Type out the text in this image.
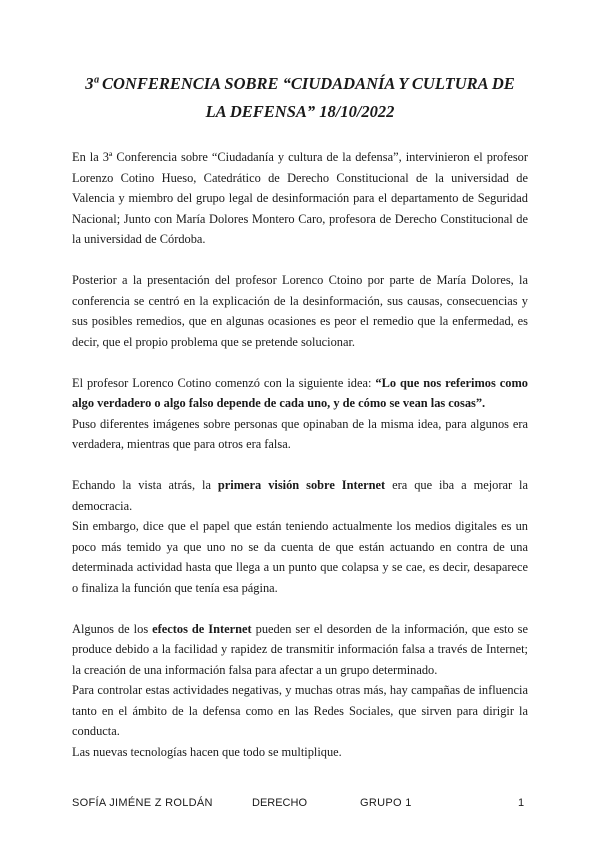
3ª CONFERENCIA SOBRE “CIUDADANÍA Y CULTURA DE
LA DEFENSA” 18/10/2022

En la 3ª Conferencia sobre “Ciudadanía y cultura de la defensa”, intervinieron el profesor Lorenzo Cotino Hueso, Catedrático de Derecho Constitucional de la universidad de Valencia y miembro del grupo legal de desinformación para el departamento de Seguridad Nacional; Junto con María Dolores Montero Caro, profesora de Derecho Constitucional de la universidad de Córdoba.

Posterior a la presentación del profesor Lorenco Ctoino por parte de María Dolores, la conferencia se centró en la explicación de la desinformación, sus causas, consecuencias y sus posibles remedios, que en algunas ocasiones es peor el remedio que la enfermedad, es decir, que el propio problema que se pretende solucionar.

El profesor Lorenco Cotino comenzó con la siguiente idea: “Lo que nos referimos como algo verdadero o algo falso depende de cada uno, y de cómo se vean las cosas”.

Puso diferentes imágenes sobre personas que opinaban de la misma idea, para algunos era verdadera, mientras que para otros era falsa.

Echando la vista atrás, la primera visión sobre Internet era que iba a mejorar la democracia.

Sin embargo, dice que el papel que están teniendo actualmente los medios digitales es un poco más temido ya que uno no se da cuenta de que están actuando en contra de una determinada actividad hasta que llega a un punto que colapsa y se cae, es decir, desaparece o finaliza la función que tenía esa página.

Algunos de los efectos de Internet pueden ser el desorden de la información, que esto se produce debido a la facilidad y rapidez de transmitir información falsa a través de Internet; la creación de una información falsa para afectar a un grupo determinado.

Para controlar estas actividades negativas, y muchas otras más, hay campañas de influencia tanto en el ámbito de la defensa como en las Redes Sociales, que sirven para dirigir la conducta.

Las nuevas tecnologías hacen que todo se multiplique.

SOFÍA JIMÉNE Z ROLDÁN	DERECHO	GRUPO 1	1
